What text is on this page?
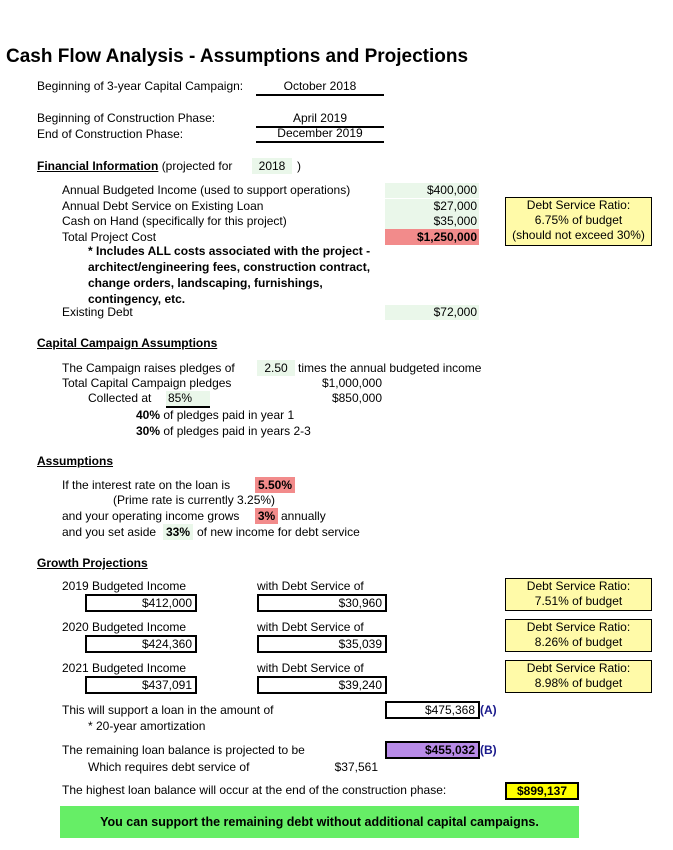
Cash Flow Analysis - Assumptions and Projections
Beginning of 3-year Capital Campaign:	October 2018
Beginning of Construction Phase:	April 2019
End of Construction Phase:	December 2019
Financial Information (projected for	2018 )
Annual Budgeted Income (used to support operations)	$400,000
Annual Debt Service on Existing Loan	$27,000
Cash on Hand (specifically for this project)	$35,000
Total Project Cost	$1,250,000
* Includes ALL costs associated with the project -
architect/engineering fees, construction contract,
change orders, landscaping, furnishings,
contingency, etc.
Existing Debt	$72,000
Debt Service Ratio:
6.75% of budget
(should not exceed 30%)
Capital Campaign Assumptions
The Campaign raises pledges of	2.50 times the annual budgeted income
Total Capital Campaign pledges	$1,000,000
Collected at 85%	$850,000
40% of pledges paid in year 1
30% of pledges paid in years 2-3
Assumptions
If the interest rate on the loan is 5.50%
(Prime rate is currently 3.25%)
and your operating income grows 3% annually
and you set aside 33% of new income for debt service
Growth Projections
2019 Budgeted Income	with Debt Service of
$412,000	$30,960
Debt Service Ratio:
7.51% of budget
2020 Budgeted Income	with Debt Service of
$424,360	$35,039
Debt Service Ratio:
8.26% of budget
2021 Budgeted Income	with Debt Service of
$437,091	$39,240
Debt Service Ratio:
8.98% of budget
This will support a loan in the amount of	$475,368 (A)
* 20-year amortization
The remaining loan balance is projected to be	$455,032 (B)
Which requires debt service of	$37,561
The highest loan balance will occur at the end of the construction phase:	$899,137
You can support the remaining debt without additional capital campaigns.
